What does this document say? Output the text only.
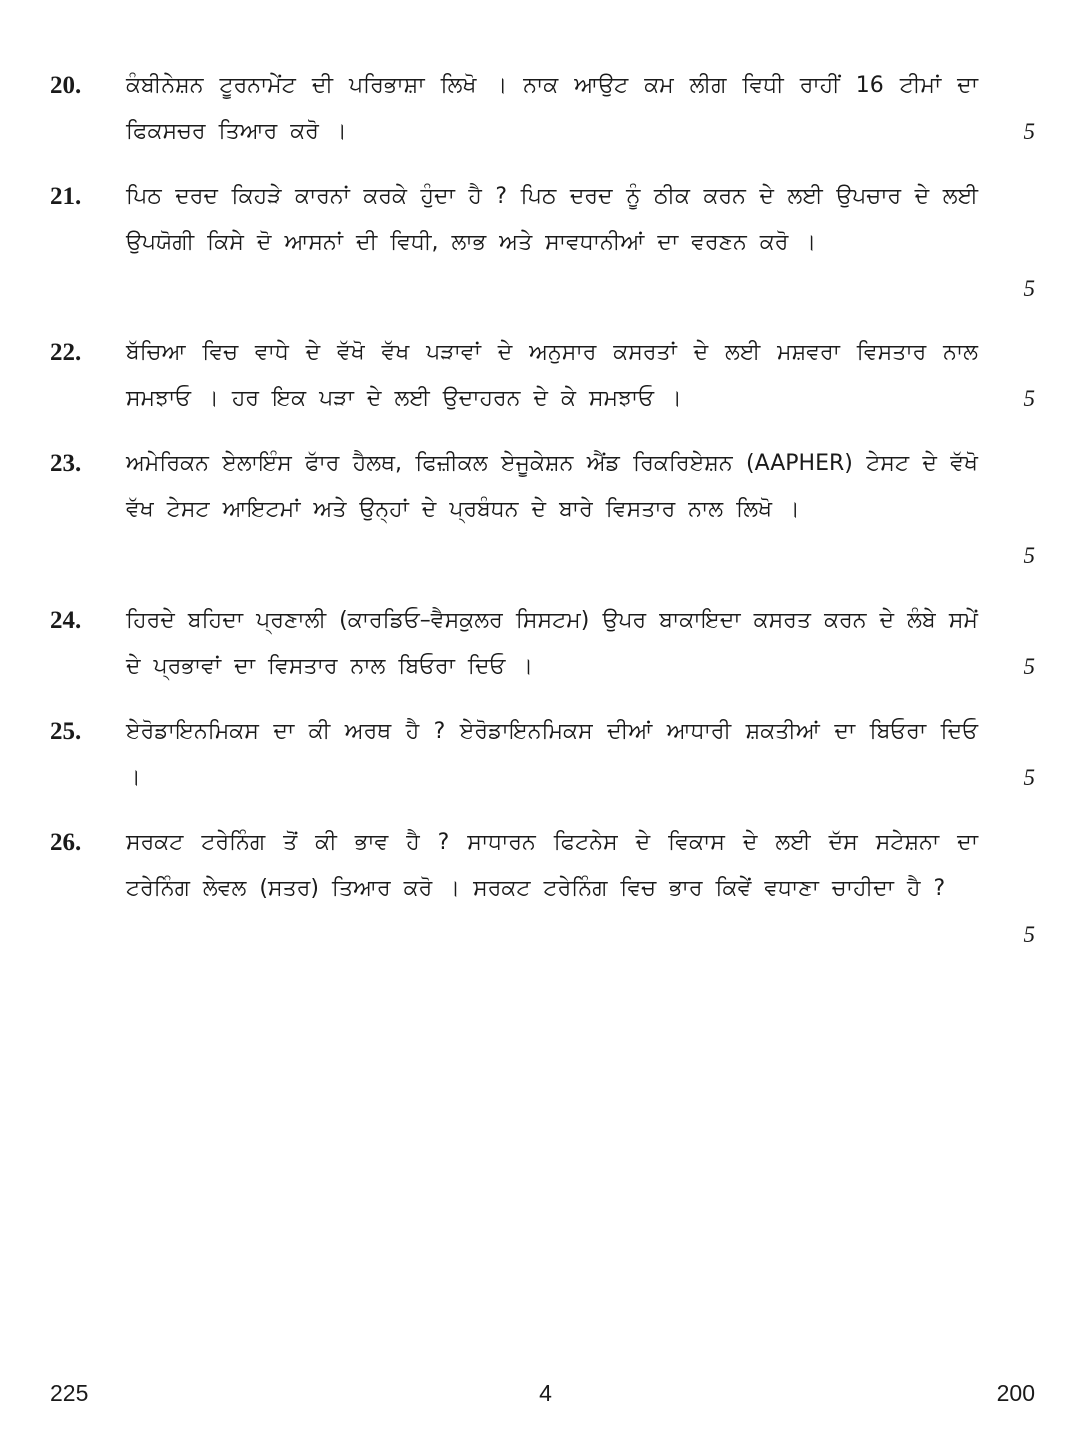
20. ਕੰਬੀਨੇਸ਼ਨ ਟੂਰਨਾਮੇਂਟ ਦੀ ਪਰਿਭਾਸ਼ਾ ਲਿਖੋ । ਨਾਕ ਆਉਟ ਕਮ ਲੀਗ ਵਿਧੀ ਰਾਹੀਂ 16 ਟੀਮਾਂ ਦਾ ਫਿਕਸਚਰ ਤਿਆਰ ਕਰੋ ।	5
21. ਪਿਠ ਦਰਦ ਕਿਹੜੇ ਕਾਰਨਾਂ ਕਰਕੇ ਹੁੰਦਾ ਹੈ ? ਪਿਠ ਦਰਦ ਨੂੰ ਠੀਕ ਕਰਨ ਦੇ ਲਈ ਉਪਚਾਰ ਦੇ ਲਈ ਉਪਯੋਗੀ ਕਿਸੇ ਦੋ ਆਸਨਾਂ ਦੀ ਵਿਧੀ, ਲਾਭ ਅਤੇ ਸਾਵਧਾਨੀਆਂ ਦਾ ਵਰਣਨ ਕਰੋ ।
5
22. ਬੱਚਿਆ ਵਿਚ ਵਾਧੇ ਦੇ ਵੱਖੋ ਵੱਖ ਪੜਾਵਾਂ ਦੇ ਅਨੁਸਾਰ ਕਸਰਤਾਂ ਦੇ ਲਈ ਮਸ਼ਵਰਾ ਵਿਸਤਾਰ ਨਾਲ ਸਮਝਾਓ । ਹਰ ਇਕ ਪੜਾ ਦੇ ਲਈ ਉਦਾਹਰਨ ਦੇ ਕੇ ਸਮਝਾਓ ।	5
23. ਅਮੇਰਿਕਨ ਏਲਾਇੰਸ ਫਾੱਰ ਹੈਲਥ, ਫਿਜ਼ੀਕਲ ਏਜੂਕੇਸ਼ਨ ਐਂਡ ਰਿਕਰਿਏਸ਼ਨ (AAPHER) ਟੇਸਟ ਦੇ ਵੱਖੋ ਵੱਖ ਟੇਸਟ ਆਇਟਮਾਂ ਅਤੇ ਉਨ੍ਹਾਂ ਦੇ ਪ੍ਰਬੰਧਨ ਦੇ ਬਾਰੇ ਵਿਸਤਾਰ ਨਾਲ ਲਿਖੋ ।
5
24. ਹਿਰਦੇ ਬਹਿਦਾ ਪ੍ਰਣਾਲੀ (ਕਾਰਡਿਓ–ਵੈਸਕੁਲਰ ਸਿਸਟਮ) ਉਪਰ ਬਾਕਾਇਦਾ ਕਸਰਤ ਕਰਨ ਦੇ ਲੰਬੇ ਸਮੇਂ ਦੇ ਪ੍ਰਭਾਵਾਂ ਦਾ ਵਿਸਤਾਰ ਨਾਲ ਬਿਓਰਾ ਦਿਓ ।	5
25. ਏਰੋਡਾਇਨਮਿਕਸ ਦਾ ਕੀ ਅਰਥ ਹੈ ? ਏਰੋਡਾਇਨਮਿਕਸ ਦੀਆਂ ਆਧਾਰੀ ਸ਼ਕਤੀਆਂ ਦਾ ਬਿਓਰਾ ਦਿਓ ।	5
26. ਸਰਕਟ ਟਰੇਨਿੰਗ ਤੋਂ ਕੀ ਭਾਵ ਹੈ ? ਸਾਧਾਰਨ ਫਿਟਨੇਸ ਦੇ ਵਿਕਾਸ ਦੇ ਲਈ ਦੱਸ ਸਟੇਸ਼ਨਾ ਦਾ ਟਰੇਨਿੰਗ ਲੇਵਲ (ਸਤਰ) ਤਿਆਰ ਕਰੋ । ਸਰਕਟ ਟਰੇਨਿੰਗ ਵਿਚ ਭਾਰ ਕਿਵੇਂ ਵਧਾਣਾ ਚਾਹੀਦਾ ਹੈ ?
5
225	4	200
